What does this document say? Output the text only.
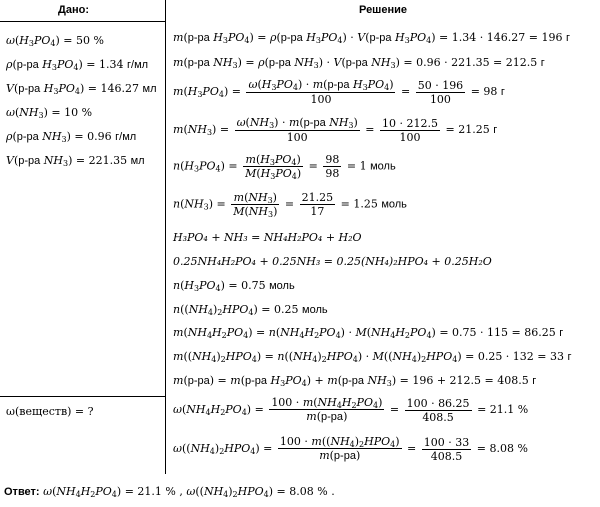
Дано:	Решение
$\omega(H_3PO_4) = 50$ %
ρ(р-ра $H_3PO_4) = 1.34$ г/мл
V(р-ра $H_3PO_4) = 146.27$ мл
$\omega(NH_3) = 10$ %
ρ(р-ра $NH_3) = 0.96$ г/мл
V(р-ра $NH_3) = 221.35$ мл
ω(веществ) = ?
m(р-ра $H_3PO_4) = \rho(р-ра$ $H_3PO_4) \cdot V(р-ра$ $H_3PO_4) = 1.34 \cdot 146.27 = 196$ г
m(р-ра $NH_3) = \rho(р-ра$ $NH_3) \cdot V(р-ра$ $NH_3) = 0.96 \cdot 221.35 = 212.5$ г
$m(H_3PO_4) = \frac{\omega(H_3PO_4) \cdot m(р-ра H_3PO_4)}{100} = \frac{50 \cdot 196}{100} = 98$ г
$m(NH_3) = \frac{\omega(NH_3) \cdot m(р-ра NH_3)}{100} = \frac{10 \cdot 212.5}{100} = 21.25$ г
$n(H_3PO_4) = \frac{m(H_3PO_4)}{M(H_3PO_4)} = \frac{98}{98} = 1$ моль
$n(NH_3) = \frac{m(NH_3)}{M(NH_3)} = \frac{21.25}{17} = 1.25$ моль
H₃PO₄ + NH₃ = NH₄H₂PO₄ + H₂O
0.25NH₄H₂PO₄ + 0.25NH₃ = 0.25(NH₄)₂HPO₄ + 0.25H₂O
$n(H_3PO_4) = 0.75$ моль
$n((NH_4)_2HPO_4) = 0.25$ моль
$m(NH_4H_2PO_4) = n(NH_4H_2PO_4) \cdot M(NH_4H_2PO_4) = 0.75 \cdot 115 = 86.25$ г
$m((NH_4)_2HPO_4) = n((NH_4)_2HPO_4) \cdot M((NH_4)_2HPO_4) = 0.25 \cdot 132 = 33$ г
m(р-ра) = m(р-ра $H_3PO_4) + m(р-ра$ $NH_3) = 196 + 212.5 = 408.5$ г
$\omega(NH_4H_2PO_4) = \frac{100 \cdot m(NH_4H_2PO_4)}{m(р-ра)} = \frac{100 \cdot 86.25}{408.5} = 21.1$ %
$\omega((NH_4)_2HPO_4) = \frac{100 \cdot m((NH_4)_2HPO_4)}{m(р-ра)} = \frac{100 \cdot 33}{408.5} = 8.08$ %
Ответ: $\omega(NH_4H_2PO_4) = 21.1$ % , $\omega((NH_4)_2HPO_4) = 8.08$ % .
